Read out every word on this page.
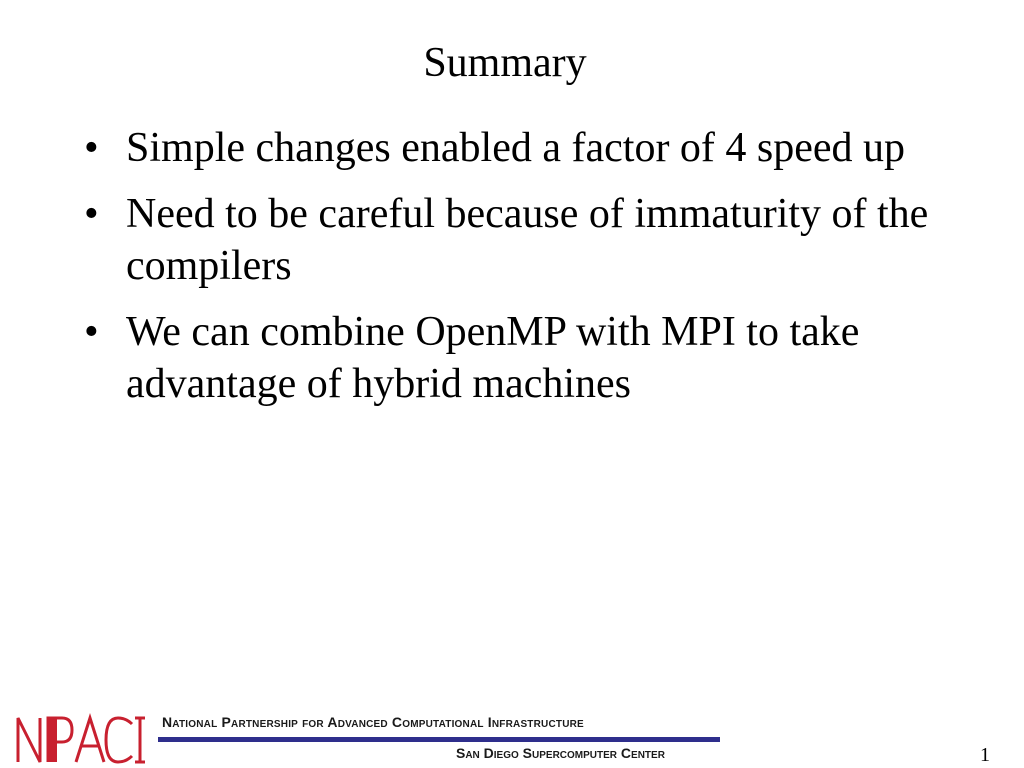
Summary
• Simple changes enabled a factor of 4 speed up
• Need to be careful because of immaturity of the compilers
• We can combine OpenMP with MPI to take advantage of hybrid machines
National Partnership for Advanced Computational Infrastructure
San Diego Supercomputer Center	1
